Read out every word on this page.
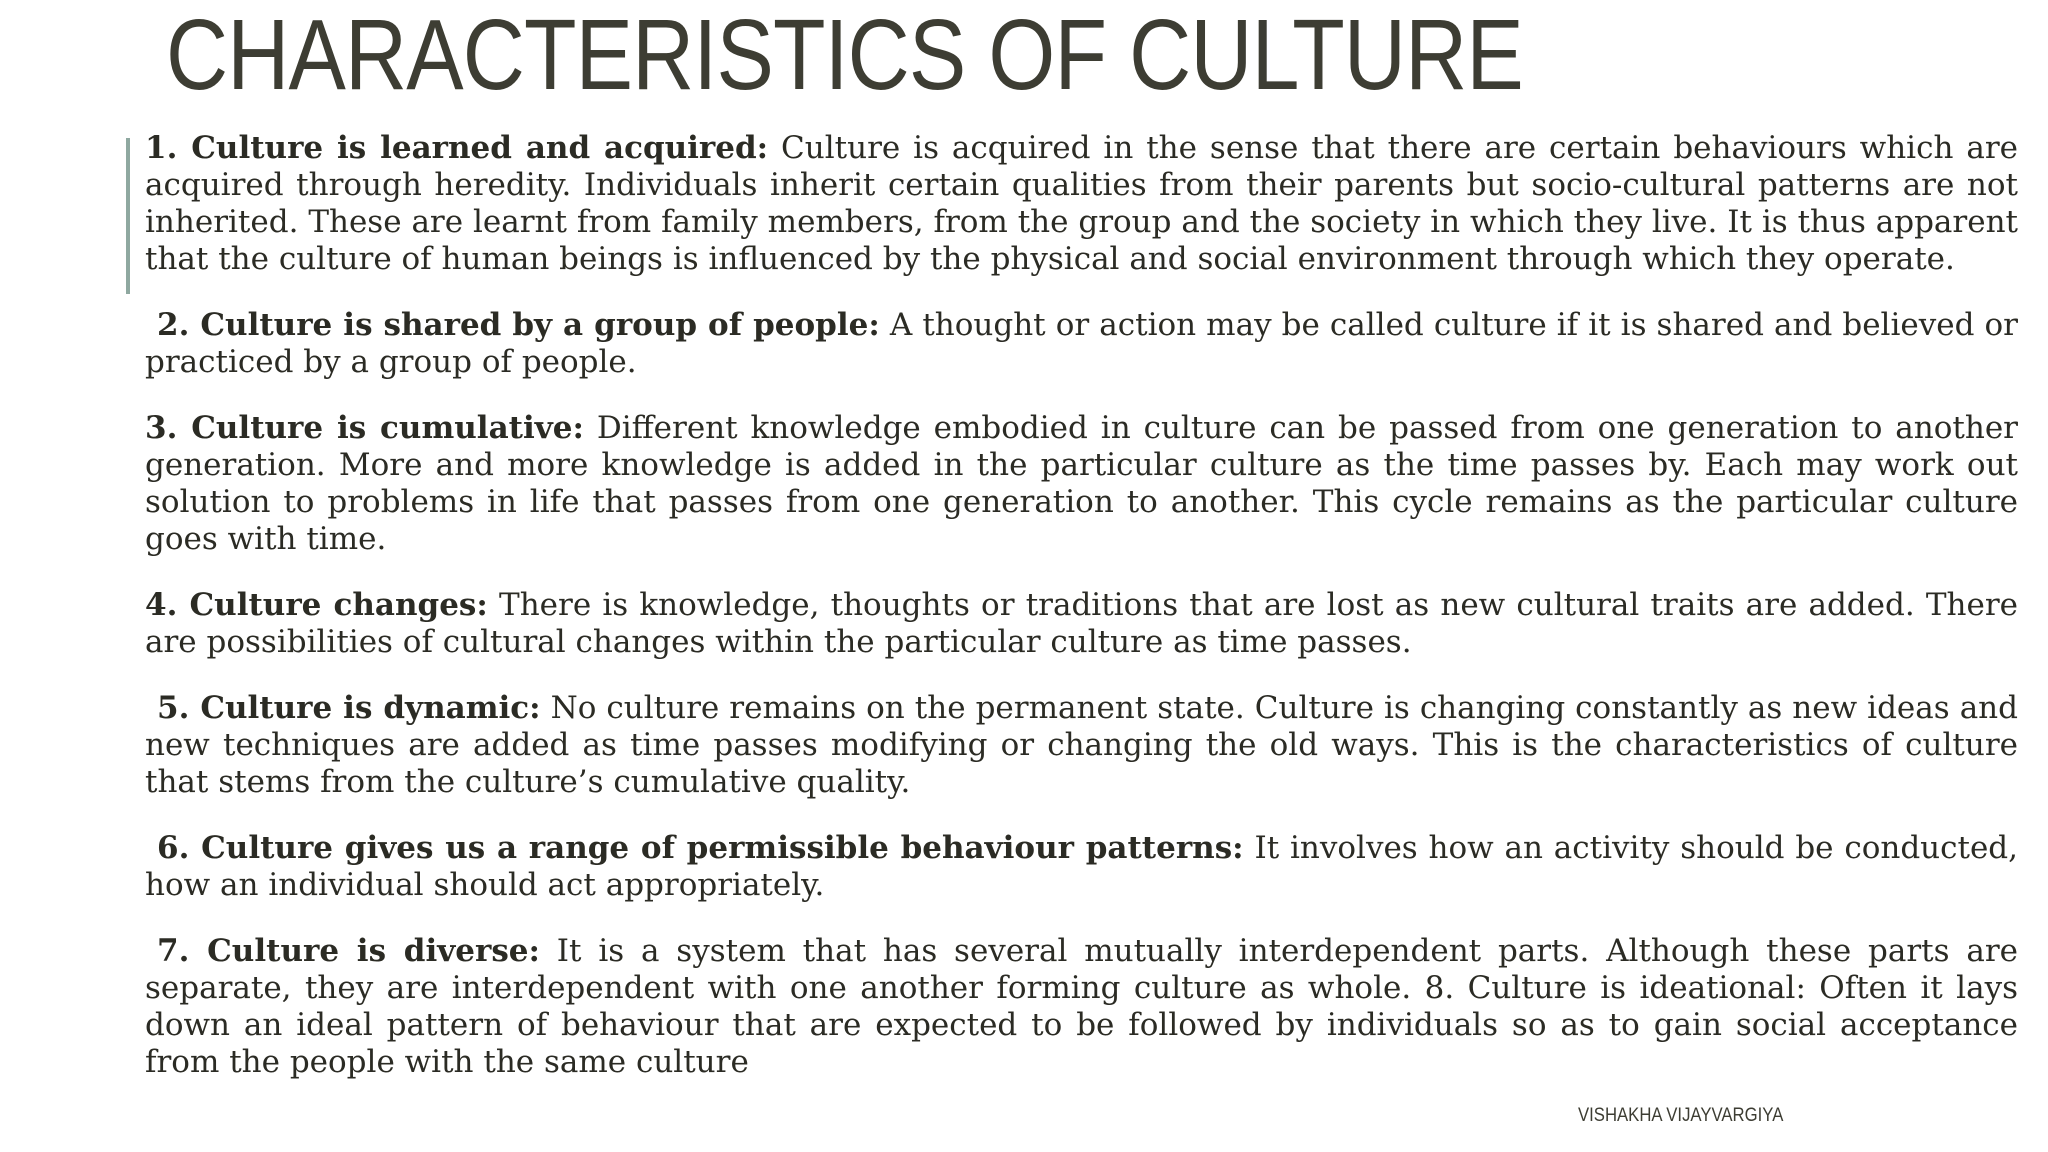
CHARACTERISTICS OF CULTURE

1. Culture is learned and acquired: Culture is acquired in the sense that there are certain behaviours which are acquired through heredity. Individuals inherit certain qualities from their parents but socio-cultural patterns are not inherited. These are learnt from family members, from the group and the society in which they live. It is thus apparent that the culture of human beings is influenced by the physical and social environment through which they operate.

2. Culture is shared by a group of people: A thought or action may be called culture if it is shared and believed or practiced by a group of people.

3. Culture is cumulative: Different knowledge embodied in culture can be passed from one generation to another generation. More and more knowledge is added in the particular culture as the time passes by. Each may work out solution to problems in life that passes from one generation to another. This cycle remains as the particular culture goes with time.

4. Culture changes: There is knowledge, thoughts or traditions that are lost as new cultural traits are added. There are possibilities of cultural changes within the particular culture as time passes.

5. Culture is dynamic: No culture remains on the permanent state. Culture is changing constantly as new ideas and new techniques are added as time passes modifying or changing the old ways. This is the characteristics of culture that stems from the culture’s cumulative quality.

6. Culture gives us a range of permissible behaviour patterns: It involves how an activity should be conducted, how an individual should act appropriately.

7. Culture is diverse: It is a system that has several mutually interdependent parts. Although these parts are separate, they are interdependent with one another forming culture as whole. 8. Culture is ideational: Often it lays down an ideal pattern of behaviour that are expected to be followed by individuals so as to gain social acceptance from the people with the same culture

VISHAKHA VIJAYVARGIYA
